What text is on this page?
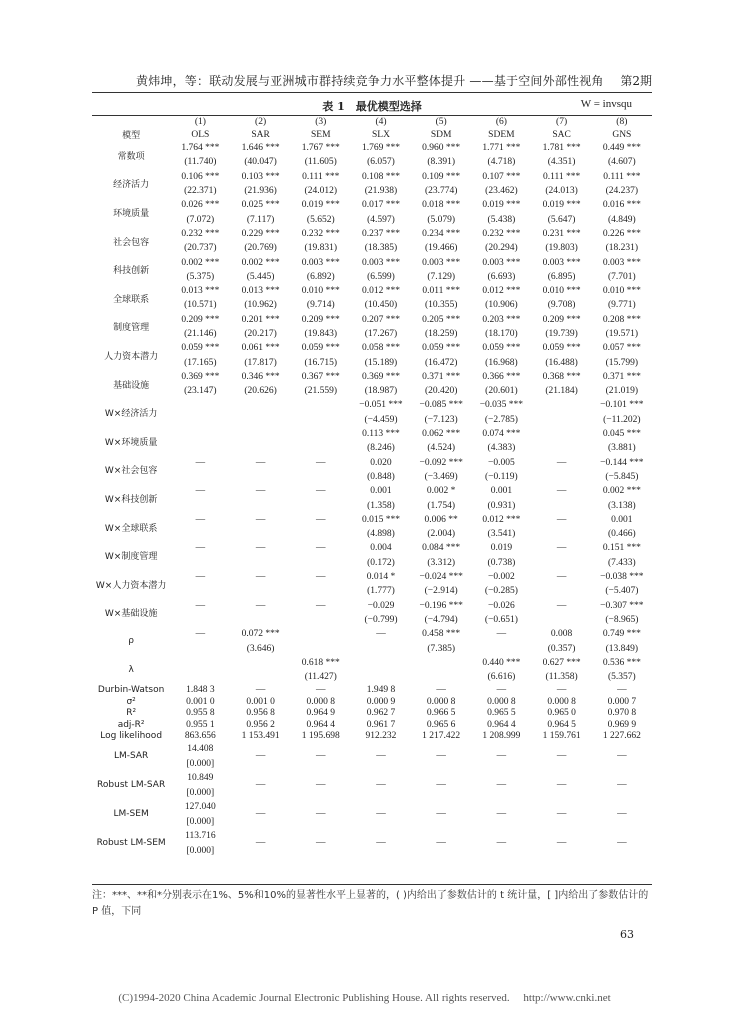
黄炜坤，等：联动发展与亚洲城市群持续竞争力水平整体提升 ——基于空间外部性视角 第2期
表 1　最优模型选择	W = invsqu
	(1)	(2)	(3)	(4)	(5)	(6)	(7)	(8)
模型	OLS	SAR	SEM	SLX	SDM	SDEM	SAC	GNS
常数项	1.764 ***	1.646 ***	1.767 ***	1.769 ***	0.960 ***	1.771 ***	1.781 ***	0.449 ***
	(11.740)	(40.047)	(11.605)	(6.057)	(8.391)	(4.718)	(4.351)	(4.607)
经济活力	0.106 ***	0.103 ***	0.111 ***	0.108 ***	0.109 ***	0.107 ***	0.111 ***	0.111 ***
	(22.371)	(21.936)	(24.012)	(21.938)	(23.774)	(23.462)	(24.013)	(24.237)
环境质量	0.026 ***	0.025 ***	0.019 ***	0.017 ***	0.018 ***	0.019 ***	0.019 ***	0.016 ***
	(7.072)	(7.117)	(5.652)	(4.597)	(5.079)	(5.438)	(5.647)	(4.849)
社会包容	0.232 ***	0.229 ***	0.232 ***	0.237 ***	0.234 ***	0.232 ***	0.231 ***	0.226 ***
	(20.737)	(20.769)	(19.831)	(18.385)	(19.466)	(20.294)	(19.803)	(18.231)
科技创新	0.002 ***	0.002 ***	0.003 ***	0.003 ***	0.003 ***	0.003 ***	0.003 ***	0.003 ***
	(5.375)	(5.445)	(6.892)	(6.599)	(7.129)	(6.693)	(6.895)	(7.701)
全球联系	0.013 ***	0.013 ***	0.010 ***	0.012 ***	0.011 ***	0.012 ***	0.010 ***	0.010 ***
	(10.571)	(10.962)	(9.714)	(10.450)	(10.355)	(10.906)	(9.708)	(9.771)
制度管理	0.209 ***	0.201 ***	0.209 ***	0.207 ***	0.205 ***	0.203 ***	0.209 ***	0.208 ***
	(21.146)	(20.217)	(19.843)	(17.267)	(18.259)	(18.170)	(19.739)	(19.571)
人力资本潜力	0.059 ***	0.061 ***	0.059 ***	0.058 ***	0.059 ***	0.059 ***	0.059 ***	0.057 ***
	(17.165)	(17.817)	(16.715)	(15.189)	(16.472)	(16.968)	(16.488)	(15.799)
基础设施	0.369 ***	0.346 ***	0.367 ***	0.369 ***	0.371 ***	0.366 ***	0.368 ***	0.371 ***
	(23.147)	(20.626)	(21.559)	(18.987)	(20.420)	(20.601)	(21.184)	(21.019)
W×经济活力				−0.051 ***	−0.085 ***	−0.035 ***		−0.101 ***
				(−4.459)	(−7.123)	(−2.785)		(−11.202)
W×环境质量				0.113 ***	0.062 ***	0.074 ***		0.045 ***
				(8.246)	(4.524)	(4.383)		(3.881)
W×社会包容	—	—	—	0.020	−0.092 ***	−0.005	—	−0.144 ***
				(0.848)	(−3.469)	(−0.119)		(−5.845)
W×科技创新	—	—	—	0.001	0.002 *	0.001	—	0.002 ***
				(1.358)	(1.754)	(0.931)		(3.138)
W×全球联系	—	—	—	0.015 ***	0.006 **	0.012 ***	—	0.001
				(4.898)	(2.004)	(3.541)		(0.466)
W×制度管理	—	—	—	0.004	0.084 ***	0.019	—	0.151 ***
				(0.172)	(3.312)	(0.738)		(7.433)
W×人力资本潜力	—	—	—	0.014 *	−0.024 ***	−0.002	—	−0.038 ***
				(1.777)	(−2.914)	(−0.285)		(−5.407)
W×基础设施	—	—	—	−0.029	−0.196 ***	−0.026	—	−0.307 ***
				(−0.799)	(−4.794)	(−0.651)		(−8.965)
ρ	—	0.072 ***		—	0.458 ***	—	0.008	0.749 ***
		(3.646)			(7.385)		(0.357)	(13.849)
λ			0.618 ***			0.440 ***	0.627 ***	0.536 ***
			(11.427)			(6.616)	(11.358)	(5.357)
Durbin-Watson	1.848 3	—	—	1.949 8	—	—	—	—
σ²	0.001 0	0.001 0	0.000 8	0.000 9	0.000 8	0.000 8	0.000 8	0.000 7
R²	0.955 8	0.956 8	0.964 9	0.962 7	0.966 5	0.965 5	0.965 0	0.970 8
adj-R²	0.955 1	0.956 2	0.964 4	0.961 7	0.965 6	0.964 4	0.964 5	0.969 9
Log likelihood	863.656	1 153.491	1 195.698	912.232	1 217.422	1 208.999	1 159.761	1 227.662
LM-SAR	14.408	—	—	—	—	—	—	—
	[0.000]							
Robust LM-SAR	10.849	—	—	—	—	—	—	—
	[0.000]							
LM-SEM	127.040	—	—	—	—	—	—	—
	[0.000]							
Robust LM-SEM	113.716	—	—	—	—	—	—	—
	[0.000]							
注：***、**和*分别表示在1%、5%和10%的显著性水平上显著的，( )内给出了参数估计的 t 统计量，[ ]内给出了参数估计的 P 值，下同
63
(C)1994-2020 China Academic Journal Electronic Publishing House. All rights reserved.　 http://www.cnki.net
